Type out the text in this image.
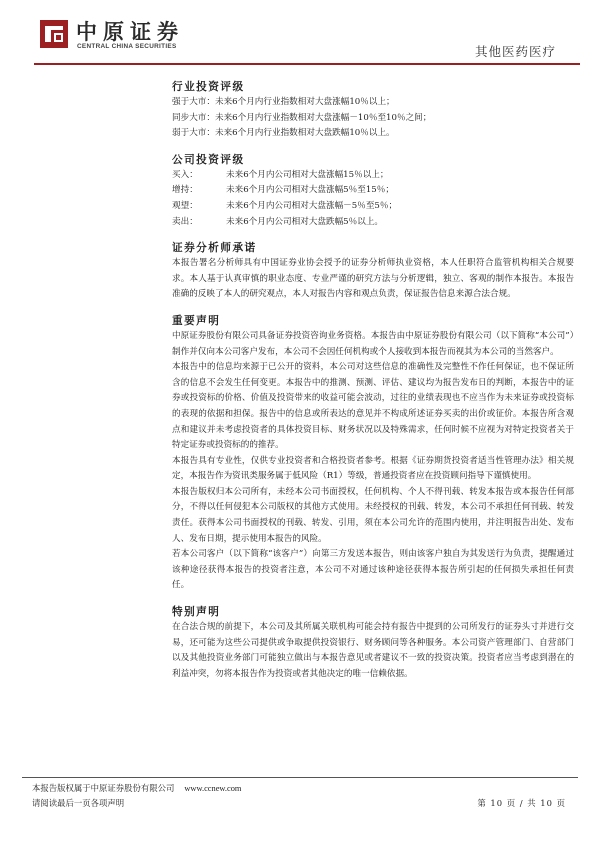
中原证券
CENTRAL CHINA SECURITIES	其他医药医疗
行业投资评级
强于大市：未来6个月内行业指数相对大盘涨幅10％以上；
同步大市：未来6个月内行业指数相对大盘涨幅－10％至10％之间；
弱于大市：未来6个月内行业指数相对大盘跌幅10％以上。
公司投资评级
买入：	未来6个月内公司相对大盘涨幅15％以上；
增持：	未来6个月内公司相对大盘涨幅5％至15％；
观望：	未来6个月内公司相对大盘涨幅－5％至5％；
卖出：	未来6个月内公司相对大盘跌幅5％以上。
证券分析师承诺

本报告署名分析师具有中国证券业协会授予的证券分析师执业资格，本人任职符合监管机构相关合规要求。本人基于认真审慎的职业态度、专业严谨的研究方法与分析逻辑，独立、客观的制作本报告。本报告准确的反映了本人的研究观点，本人对报告内容和观点负责，保证报告信息来源合法合规。

重要声明

中原证券股份有限公司具备证券投资咨询业务资格。本报告由中原证券股份有限公司（以下简称“本公司”）制作并仅向本公司客户发布，本公司不会因任何机构或个人接收到本报告而视其为本公司的当然客户。

本报告中的信息均来源于已公开的资料，本公司对这些信息的准确性及完整性不作任何保证，也不保证所含的信息不会发生任何变更。本报告中的推测、预测、评估、建议均为报告发布日的判断，本报告中的证券或投资标的价格、价值及投资带来的收益可能会波动，过往的业绩表现也不应当作为未来证券或投资标的表现的依据和担保。报告中的信息或所表达的意见并不构成所述证券买卖的出价或征价。本报告所含观点和建议并未考虑投资者的具体投资目标、财务状况以及特殊需求，任何时候不应视为对特定投资者关于特定证券或投资标的的推荐。

本报告具有专业性，仅供专业投资者和合格投资者参考。根据《证券期货投资者适当性管理办法》相关规定，本报告作为资讯类服务属于低风险（R1）等级，普通投资者应在投资顾问指导下谨慎使用。

本报告版权归本公司所有，未经本公司书面授权，任何机构、个人不得刊载、转发本报告或本报告任何部分，不得以任何侵犯本公司版权的其他方式使用。未经授权的刊载、转发，本公司不承担任何刊载、转发责任。获得本公司书面授权的刊载、转发、引用，须在本公司允许的范围内使用，并注明报告出处、发布人、发布日期，提示使用本报告的风险。

若本公司客户（以下简称“该客户”）向第三方发送本报告，则由该客户独自为其发送行为负责，提醒通过该种途径获得本报告的投资者注意，本公司不对通过该种途径获得本报告所引起的任何损失承担任何责任。

特别声明

在合法合规的前提下，本公司及其所属关联机构可能会持有报告中提到的公司所发行的证券头寸并进行交易，还可能为这些公司提供或争取提供投资银行、财务顾问等各种服务。本公司资产管理部门、自营部门以及其他投资业务部门可能独立做出与本报告意见或者建议不一致的投资决策。投资者应当考虑到潜在的利益冲突，勿将本报告作为投资或者其他决定的唯一信赖依据。

本报告版权属于中原证券股份有限公司 www.ccnew.com
请阅读最后一页各项声明	第 10 页 / 共 10 页
